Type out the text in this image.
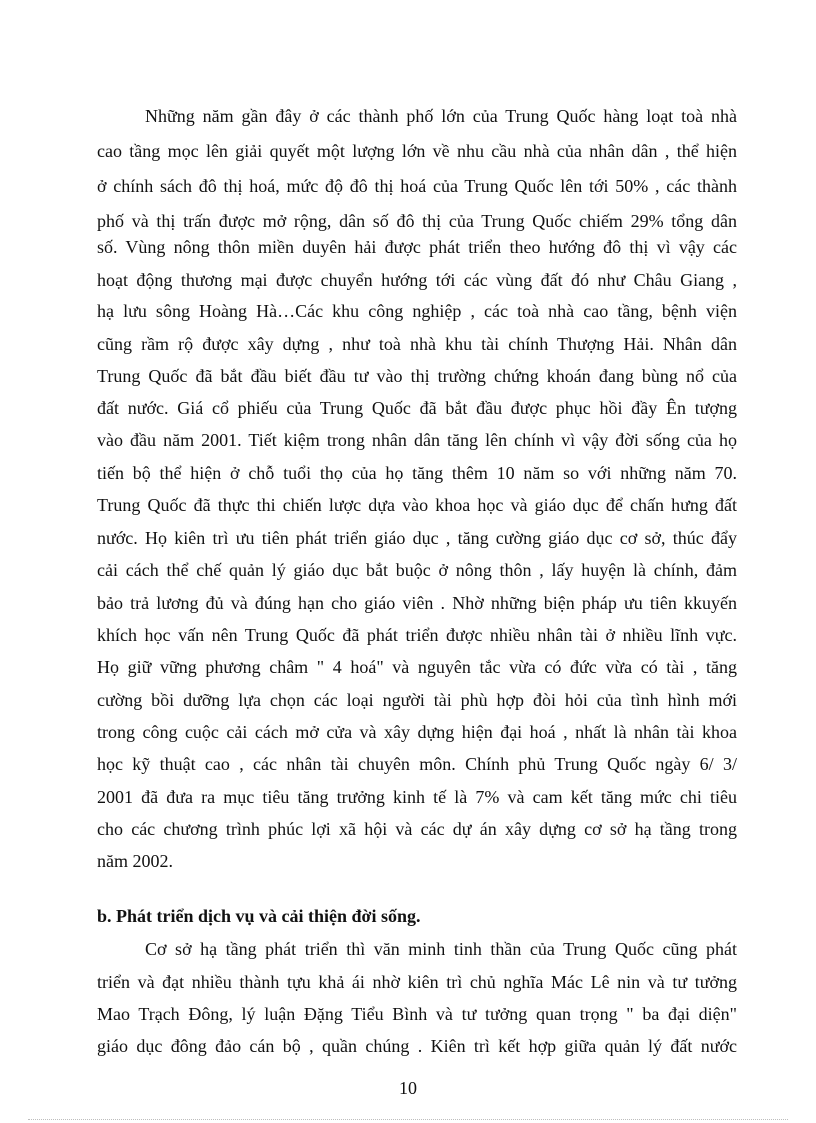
Những năm gần đây ở các thành phố lớn của Trung Quốc hàng loạt toà nhà
cao tầng mọc lên giải quyết một lượng lớn về nhu cầu nhà của nhân dân , thể hiện
ở chính sách đô thị hoá, mức độ đô thị hoá của Trung Quốc lên tới 50% , các thành
phố và thị trấn được mở rộng, dân số đô thị của Trung Quốc chiếm 29% tổng dân
số. Vùng nông thôn miền duyên hải được phát triển theo hướng đô thị vì vậy các
hoạt động thương mại được chuyển hướng tới các vùng đất đó như Châu Giang ,
hạ lưu sông Hoàng Hà…Các khu công nghiệp , các toà nhà cao tầng, bệnh viện
cũng rầm rộ được xây dựng , như toà nhà khu tài chính Thượng Hải. Nhân dân
Trung Quốc đã bắt đầu biết đầu tư vào thị trường chứng khoán đang bùng nổ của
đất nước. Giá cổ phiếu của Trung Quốc đã bắt đầu được phục hồi đầy Ên tượng
vào đầu năm 2001. Tiết kiệm trong nhân dân tăng lên chính vì vậy đời sống của họ
tiến bộ thể hiện ở chỗ tuổi thọ của họ tăng thêm 10 năm so với những năm 70.
Trung Quốc đã thực thi chiến lược dựa vào khoa học và giáo dục để chấn hưng đất
nước. Họ kiên trì ưu tiên phát triển giáo dục , tăng cường giáo dục cơ sở, thúc đẩy
cải cách thể chế quản lý giáo dục bắt buộc ở nông thôn , lấy huyện là chính, đảm
bảo trả lương đủ và đúng hạn cho giáo viên . Nhờ những biện pháp ưu tiên kkuyến
khích học vấn nên Trung Quốc đã phát triển được nhiều nhân tài ở nhiều lĩnh vực.
Họ giữ vững phương châm " 4 hoá" và nguyên tắc vừa có đức vừa có tài , tăng
cường bồi dưỡng lựa chọn các loại người tài phù hợp đòi hỏi của tình hình mới
trong công cuộc cải cách mở cửa và xây dựng hiện đại hoá , nhất là nhân tài khoa
học kỹ thuật cao , các nhân tài chuyên môn. Chính phủ Trung Quốc ngày 6/ 3/
2001 đã đưa ra mục tiêu tăng trưởng kinh tế là 7% và cam kết tăng mức chi tiêu
cho các chương trình phúc lợi xã hội và các dự án xây dựng cơ sở hạ tầng trong
năm 2002.
b. Phát triển dịch vụ và cải thiện đời sống.
Cơ sở hạ tầng phát triển thì văn minh tinh thần của Trung Quốc cũng phát
triển và đạt nhiều thành tựu khả ái nhờ kiên trì chủ nghĩa Mác Lê nin và tư tưởng
Mao Trạch Đông, lý luận Đặng Tiểu Bình và tư tưởng quan trọng " ba đại diện"
giáo dục đông đảo cán bộ , quần chúng . Kiên trì kết hợp giữa quản lý đất nước
10
